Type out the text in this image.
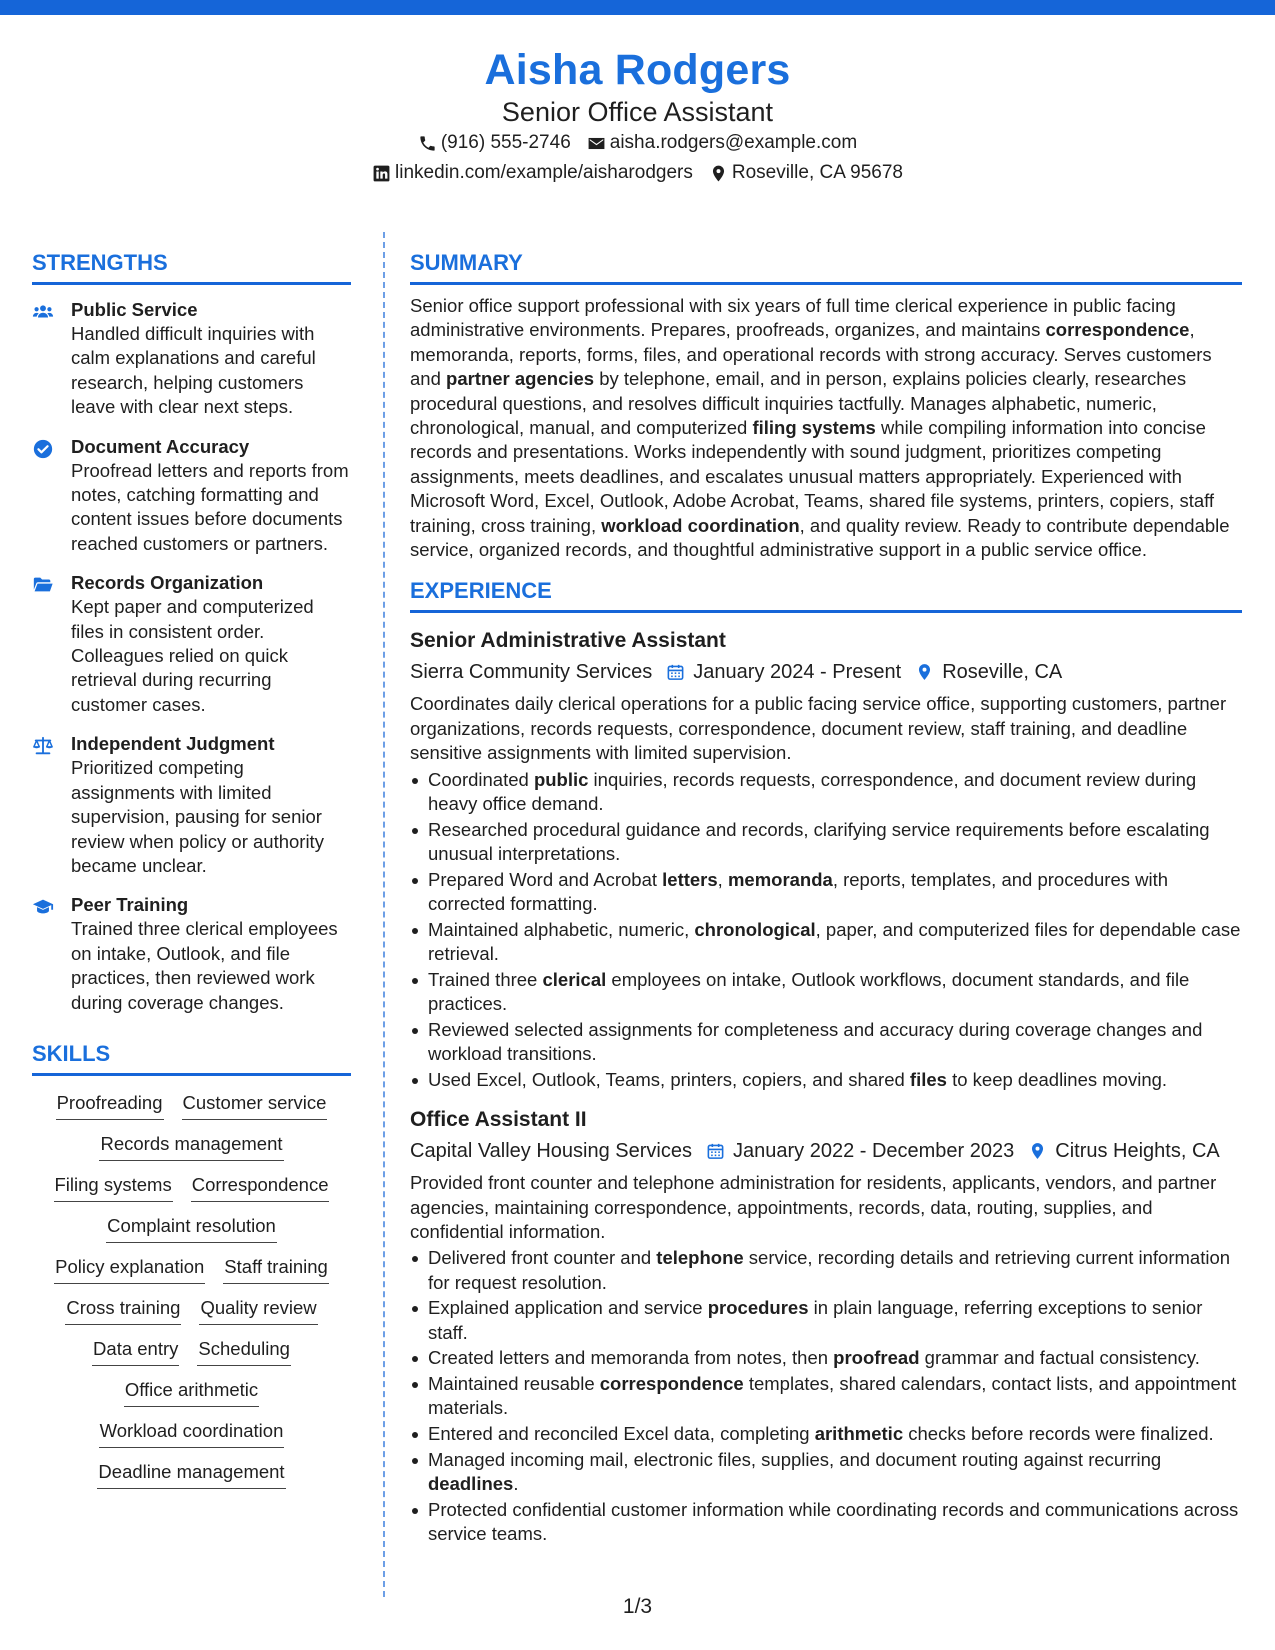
Aisha Rodgers
Senior Office Assistant
(916) 555-2746 aisha.rodgers@example.com
linkedin.com/example/aisharodgers Roseville, CA 95678
STRENGTHS
Public Service
Handled difficult inquiries with calm explanations and careful research, helping customers leave with clear next steps.
Document Accuracy
Proofread letters and reports from notes, catching formatting and content issues before documents reached customers or partners.
Records Organization
Kept paper and computerized files in consistent order. Colleagues relied on quick retrieval during recurring customer cases.
Independent Judgment
Prioritized competing assignments with limited supervision, pausing for senior review when policy or authority became unclear.
Peer Training
Trained three clerical employees on intake, Outlook, and file practices, then reviewed work during coverage changes.
SKILLS
Proofreading Customer service
Records management
Filing systems Correspondence
Complaint resolution
Policy explanation Staff training
Cross training Quality review
Data entry Scheduling
Office arithmetic
Workload coordination
Deadline management
SUMMARY
Senior office support professional with six years of full time clerical experience in public facing administrative environments. Prepares, proofreads, organizes, and maintains correspondence, memoranda, reports, forms, files, and operational records with strong accuracy. Serves customers and partner agencies by telephone, email, and in person, explains policies clearly, researches procedural questions, and resolves difficult inquiries tactfully. Manages alphabetic, numeric, chronological, manual, and computerized filing systems while compiling information into concise records and presentations. Works independently with sound judgment, prioritizes competing assignments, meets deadlines, and escalates unusual matters appropriately. Experienced with Microsoft Word, Excel, Outlook, Adobe Acrobat, Teams, shared file systems, printers, copiers, staff training, cross training, workload coordination, and quality review. Ready to contribute dependable service, organized records, and thoughtful administrative support in a public service office.
EXPERIENCE
Senior Administrative Assistant
Sierra Community Services January 2024 - Present Roseville, CA
Coordinates daily clerical operations for a public facing service office, supporting customers, partner organizations, records requests, correspondence, document review, staff training, and deadline sensitive assignments with limited supervision.
Coordinated public inquiries, records requests, correspondence, and document review during heavy office demand.
Researched procedural guidance and records, clarifying service requirements before escalating unusual interpretations.
Prepared Word and Acrobat letters, memoranda, reports, templates, and procedures with corrected formatting.
Maintained alphabetic, numeric, chronological, paper, and computerized files for dependable case retrieval.
Trained three clerical employees on intake, Outlook workflows, document standards, and file practices.
Reviewed selected assignments for completeness and accuracy during coverage changes and workload transitions.
Used Excel, Outlook, Teams, printers, copiers, and shared files to keep deadlines moving.
Office Assistant II
Capital Valley Housing Services January 2022 - December 2023 Citrus Heights, CA
Provided front counter and telephone administration for residents, applicants, vendors, and partner agencies, maintaining correspondence, appointments, records, data, routing, supplies, and confidential information.
Delivered front counter and telephone service, recording details and retrieving current information for request resolution.
Explained application and service procedures in plain language, referring exceptions to senior staff.
Created letters and memoranda from notes, then proofread grammar and factual consistency.
Maintained reusable correspondence templates, shared calendars, contact lists, and appointment materials.
Entered and reconciled Excel data, completing arithmetic checks before records were finalized.
Managed incoming mail, electronic files, supplies, and document routing against recurring deadlines.
Protected confidential customer information while coordinating records and communications across service teams.
1/3
